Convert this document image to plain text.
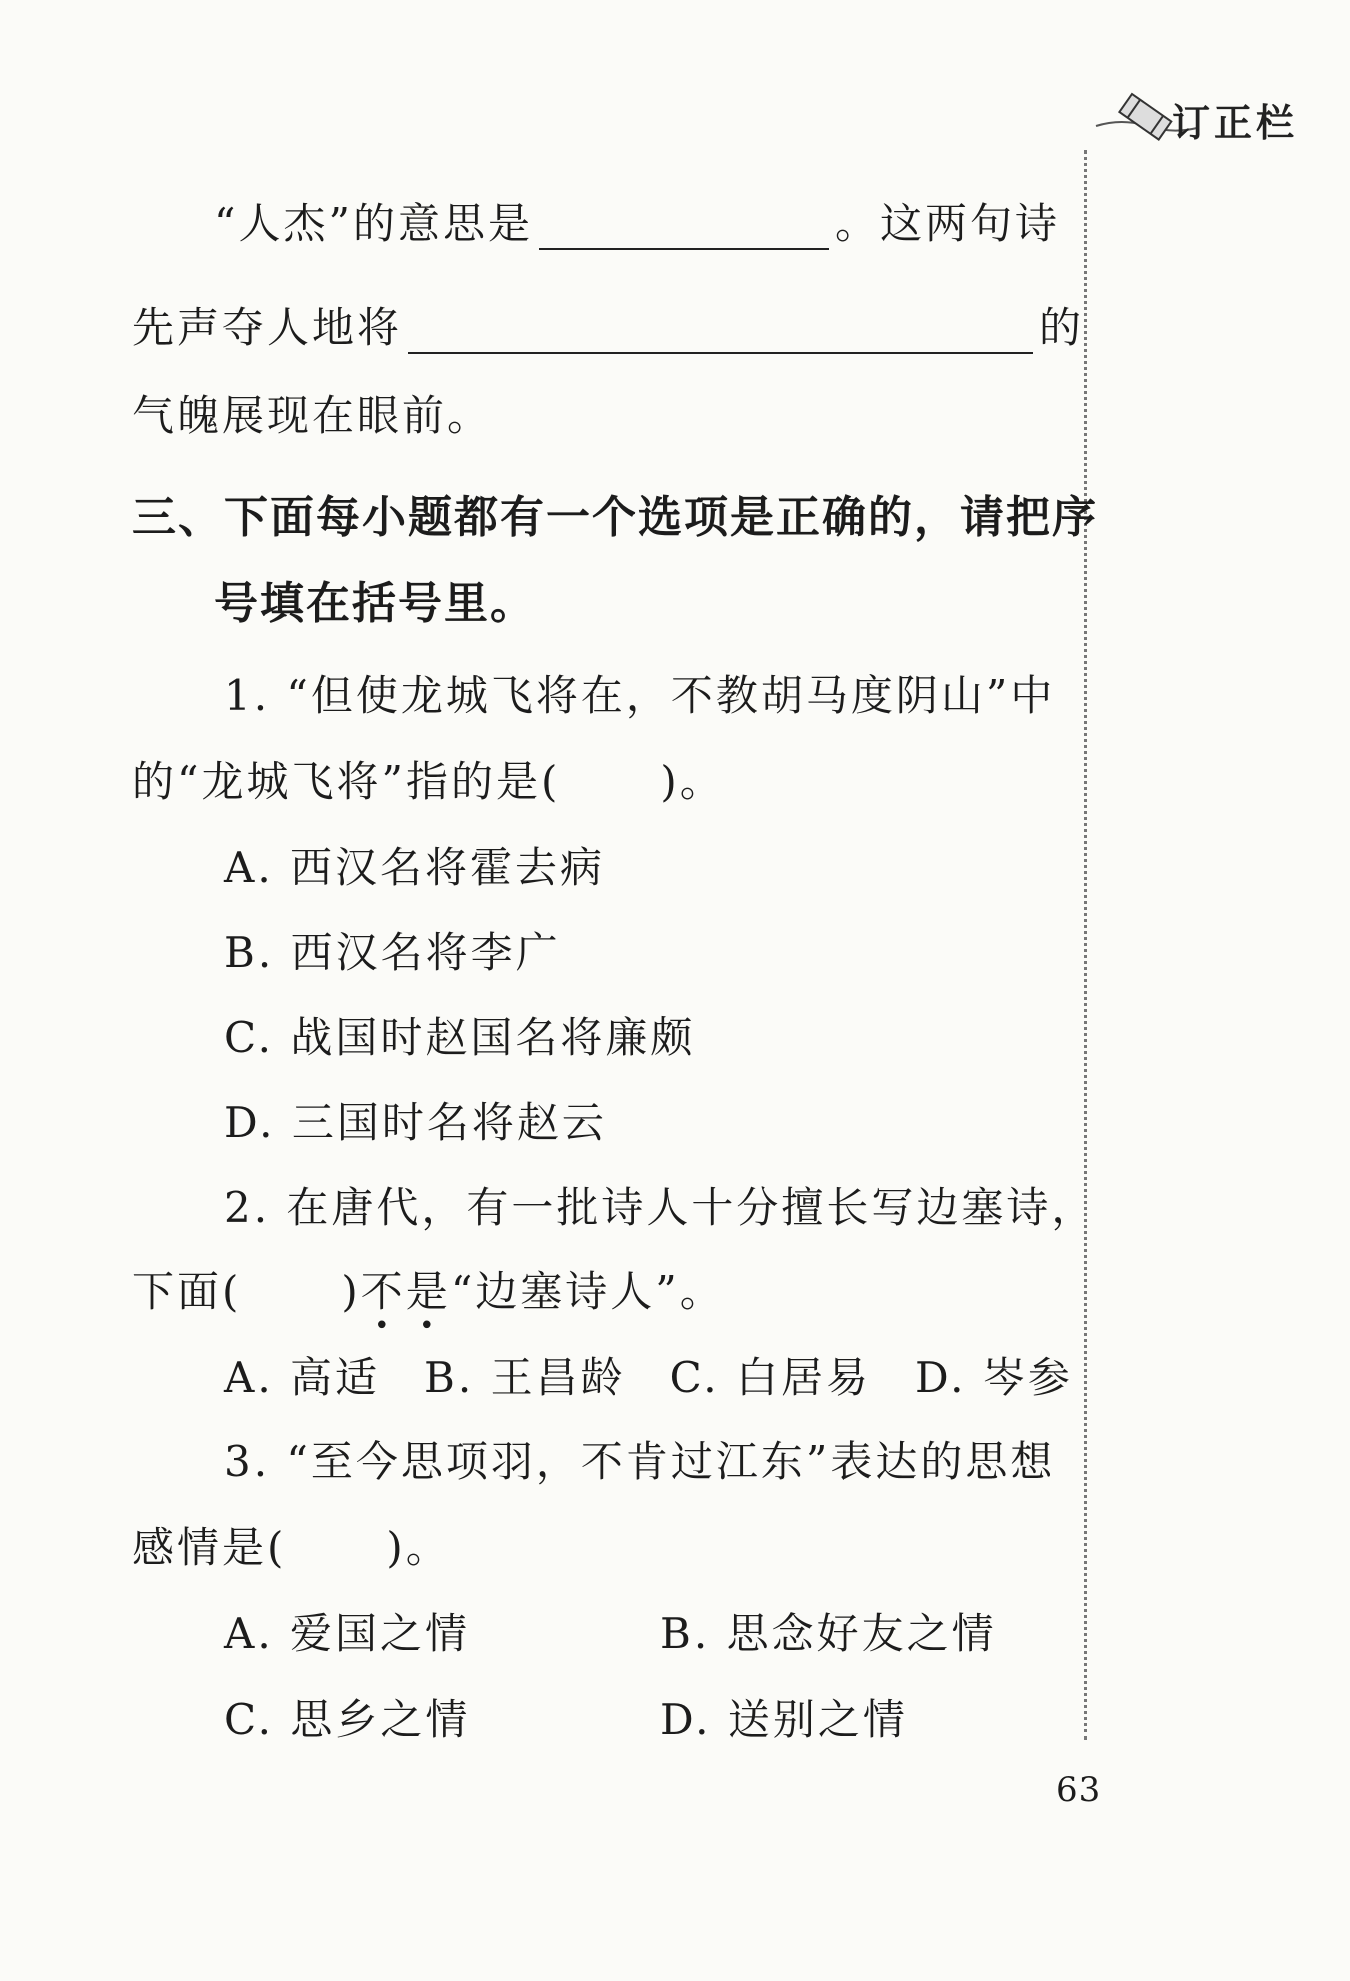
订正栏
“人杰”的意思是	。这两句诗
先声夺人地将	的
气魄展现在眼前。
三、下面每小题都有一个选项是正确的，请把序
号填在括号里。
1. “但使龙城飞将在，不教胡马度阴山”中
的“龙城飞将”指的是( )。
A. 西汉名将霍去病
B. 西汉名将李广
C. 战国时赵国名将廉颇
D. 三国时名将赵云
2. 在唐代，有一批诗人十分擅长写边塞诗，
下面( )不是“边塞诗人”。
A. 高适 B. 王昌龄 C. 白居易 D. 岑参
3. “至今思项羽，不肯过江东”表达的思想
感情是( )。
A. 爱国之情	B. 思念好友之情
C. 思乡之情	D. 送别之情
63
